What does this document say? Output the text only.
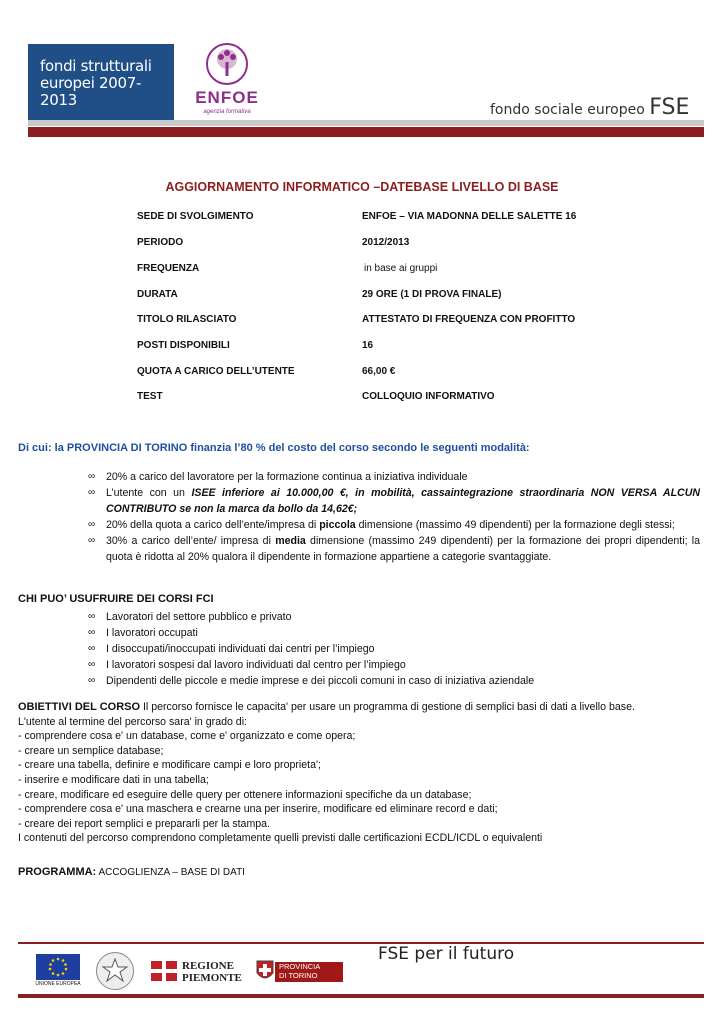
fondi strutturali
europei 2007-2013	ENFOE
agenzia formativa	fondo sociale europeo FSE
AGGIORNAMENTO INFORMATICO –DATEBASE LIVELLO DI BASE
SEDE DI SVOLGIMENTO	ENFOE – VIA MADONNA DELLE SALETTE 16
PERIODO	2012/2013
FREQUENZA	in base ai gruppi
DURATA	29 ORE (1 DI PROVA FINALE)
TITOLO RILASCIATO	ATTESTATO DI FREQUENZA CON PROFITTO
POSTI DISPONIBILI	16
QUOTA A CARICO DELL’UTENTE	66,00 €
TEST	COLLOQUIO INFORMATIVO
Di cui: la PROVINCIA DI TORINO finanzia l’80 % del costo del corso secondo le seguenti modalità:
∞ 20% a carico del lavoratore per la formazione continua a iniziativa individuale
∞ L’utente con un ISEE inferiore ai 10.000,00 €, in mobilità, cassaintegrazione straordinaria NON VERSA ALCUN CONTRIBUTO se non la marca da bollo da 14,62€;
∞ 20% della quota a carico dell’ente/impresa di piccola dimensione (massimo 49 dipendenti) per la formazione degli stessi;
∞ 30% a carico dell’ente/ impresa di media dimensione (massimo 249 dipendenti) per la formazione dei propri dipendenti; la quota è ridotta al 20% qualora il dipendente in formazione appartiene a categorie svantaggiate.
CHI PUO’ USUFRUIRE DEI CORSI FCI
∞ Lavoratori del settore pubblico e privato
∞ I lavoratori occupati
∞ I disoccupati/inoccupati individuati dai centri per l’impiego
∞ I lavoratori sospesi dal lavoro individuati dal centro per l’impiego
∞ Dipendenti delle piccole e medie imprese e dei piccoli comuni in caso di iniziativa aziendale
OBIETTIVI DEL CORSO Il percorso fornisce le capacita' per usare un programma di gestione di semplici basi di dati a livello base.
L'utente al termine del percorso sara' in grado di:
- comprendere cosa e' un database, come e' organizzato e come opera;
- creare un semplice database;
- creare una tabella, definire e modificare campi e loro proprieta';
- inserire e modificare dati in una tabella;
- creare, modificare ed eseguire delle query per ottenere informazioni specifiche da un database;
- comprendere cosa e' una maschera e crearne una per inserire, modificare ed eliminare record e dati;
- creare dei report semplici e prepararli per la stampa.
I contenuti del percorso comprendono completamente quelli previsti dalle certificazioni ECDL/ICDL o equivalenti
PROGRAMMA: ACCOGLIENZA – BASE DI DATI
FSE per il futuro
UNIONE EUROPEA
REGIONE
PIEMONTE
PROVINCIA
DI TORINO
